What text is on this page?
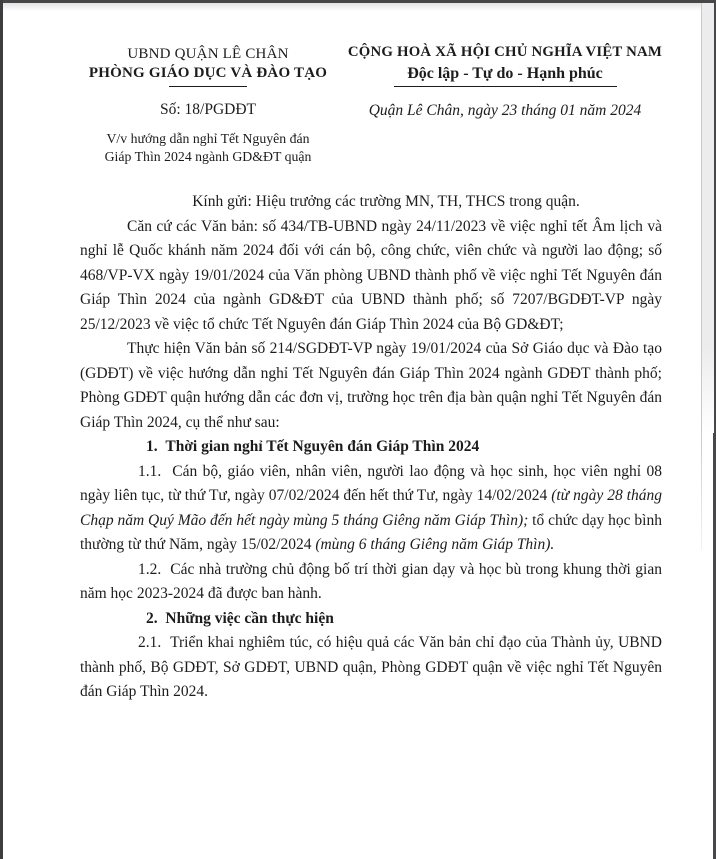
UBND QUẬN LÊ CHÂN
PHÒNG GIÁO DỤC VÀ ĐÀO TẠO
Số: 18/PGDĐT
V/v hướng dẫn nghỉ Tết Nguyên đán
Giáp Thìn 2024 ngành GD&ĐT quận
CỘNG HOÀ XÃ HỘI CHỦ NGHĨA VIỆT NAM
Độc lập - Tự do - Hạnh phúc
Quận Lê Chân, ngày 23 tháng 01 năm 2024

Kính gửi: Hiệu trưởng các trường MN, TH, THCS trong quận.

Căn cứ các Văn bản: số 434/TB-UBND ngày 24/11/2023 về việc nghỉ tết Âm lịch và nghỉ lễ Quốc khánh năm 2024 đối với cán bộ, công chức, viên chức và người lao động; số 468/VP-VX ngày 19/01/2024 của Văn phòng UBND thành phố về việc nghỉ Tết Nguyên đán Giáp Thìn 2024 của ngành GD&ĐT của UBND thành phố; số 7207/BGDĐT-VP ngày 25/12/2023 về việc tổ chức Tết Nguyên đán Giáp Thìn 2024 của Bộ GD&ĐT;

Thực hiện Văn bản số 214/SGDĐT-VP ngày 19/01/2024 của Sở Giáo dục và Đào tạo (GDĐT) về việc hướng dẫn nghỉ Tết Nguyên đán Giáp Thìn 2024 ngành GDĐT thành phố; Phòng GDĐT quận hướng dẫn các đơn vị, trường học trên địa bàn quận nghỉ Tết Nguyên đán Giáp Thìn 2024, cụ thể như sau:

1.  Thời gian nghỉ Tết Nguyên đán Giáp Thìn 2024

1.1.  Cán bộ, giáo viên, nhân viên, người lao động và học sinh, học viên nghỉ 08 ngày liên tục, từ thứ Tư, ngày 07/02/2024 đến hết thứ Tư, ngày 14/02/2024 (từ ngày 28 tháng Chạp năm Quý Mão đến hết ngày mùng 5 tháng Giêng năm Giáp Thìn); tổ chức dạy học bình thường từ thứ Năm, ngày 15/02/2024 (mùng 6 tháng Giêng năm Giáp Thìn).

1.2.  Các nhà trường chủ động bố trí thời gian dạy và học bù trong khung thời gian năm học 2023-2024 đã được ban hành.

2.  Những việc cần thực hiện

2.1.  Triển khai nghiêm túc, có hiệu quả các Văn bản chỉ đạo của Thành ủy, UBND thành phố, Bộ GDĐT, Sở GDĐT, UBND quận, Phòng GDĐT quận về việc nghỉ Tết Nguyên đán Giáp Thìn 2024.
